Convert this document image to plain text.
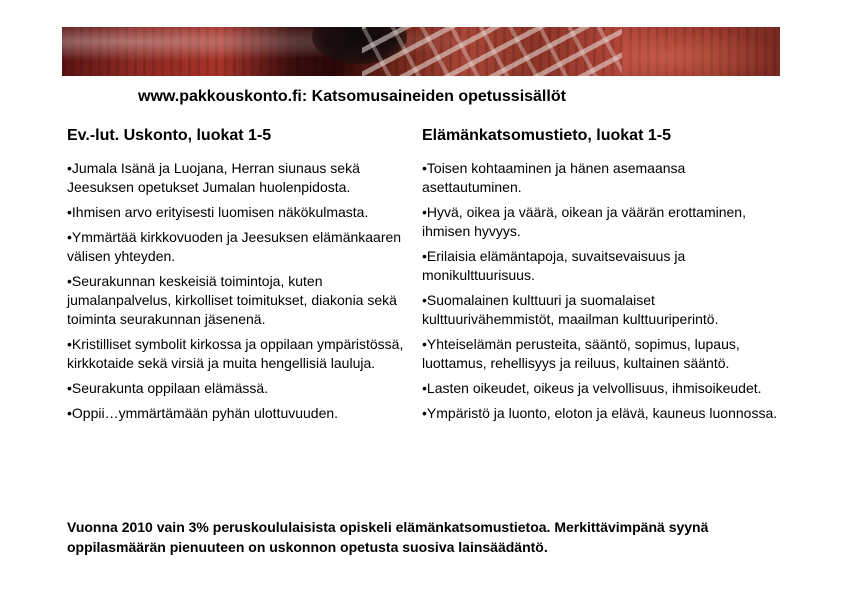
www.pakkouskonto.fi: Katsomusaineiden opetussisällöt
Ev.-lut. Uskonto, luokat 1-5
•Jumala Isänä ja Luojana, Herran siunaus sekä Jeesuksen opetukset Jumalan huolenpidosta.
•Ihmisen arvo erityisesti luomisen näkökulmasta.
•Ymmärtää kirkkovuoden ja Jeesuksen elämänkaaren välisen yhteyden.
•Seurakunnan keskeisiä toimintoja, kuten jumalanpalvelus, kirkolliset toimitukset, diakonia sekä toiminta seurakunnan jäsenenä.
•Kristilliset symbolit kirkossa ja oppilaan ympäristössä, kirkkotaide sekä virsiä ja muita hengellisiä lauluja.
•Seurakunta oppilaan elämässä.
•Oppii…ymmärtämään pyhän ulottuvuuden.
Elämänkatsomustieto, luokat 1-5
•Toisen kohtaaminen ja hänen asemaansa asettautuminen.
•Hyvä, oikea ja väärä, oikean ja väärän erottaminen, ihmisen hyvyys.
•Erilaisia elämäntapoja, suvaitsevaisuus ja monikulttuurisuus.
•Suomalainen kulttuuri ja suomalaiset kulttuurivähemmistöt, maailman kulttuuriperintö.
•Yhteiselämän perusteita, sääntö, sopimus, lupaus, luottamus, rehellisyys ja reiluus, kultainen sääntö.
•Lasten oikeudet, oikeus ja velvollisuus, ihmisoikeudet.
•Ympäristö ja luonto, eloton ja elävä, kauneus luonnossa.
Vuonna 2010 vain 3% peruskoululaisista opiskeli elämänkatsomustietoa. Merkittävimpänä syynä oppilasmäärän pienuuteen on uskonnon opetusta suosiva lainsäädäntö.
